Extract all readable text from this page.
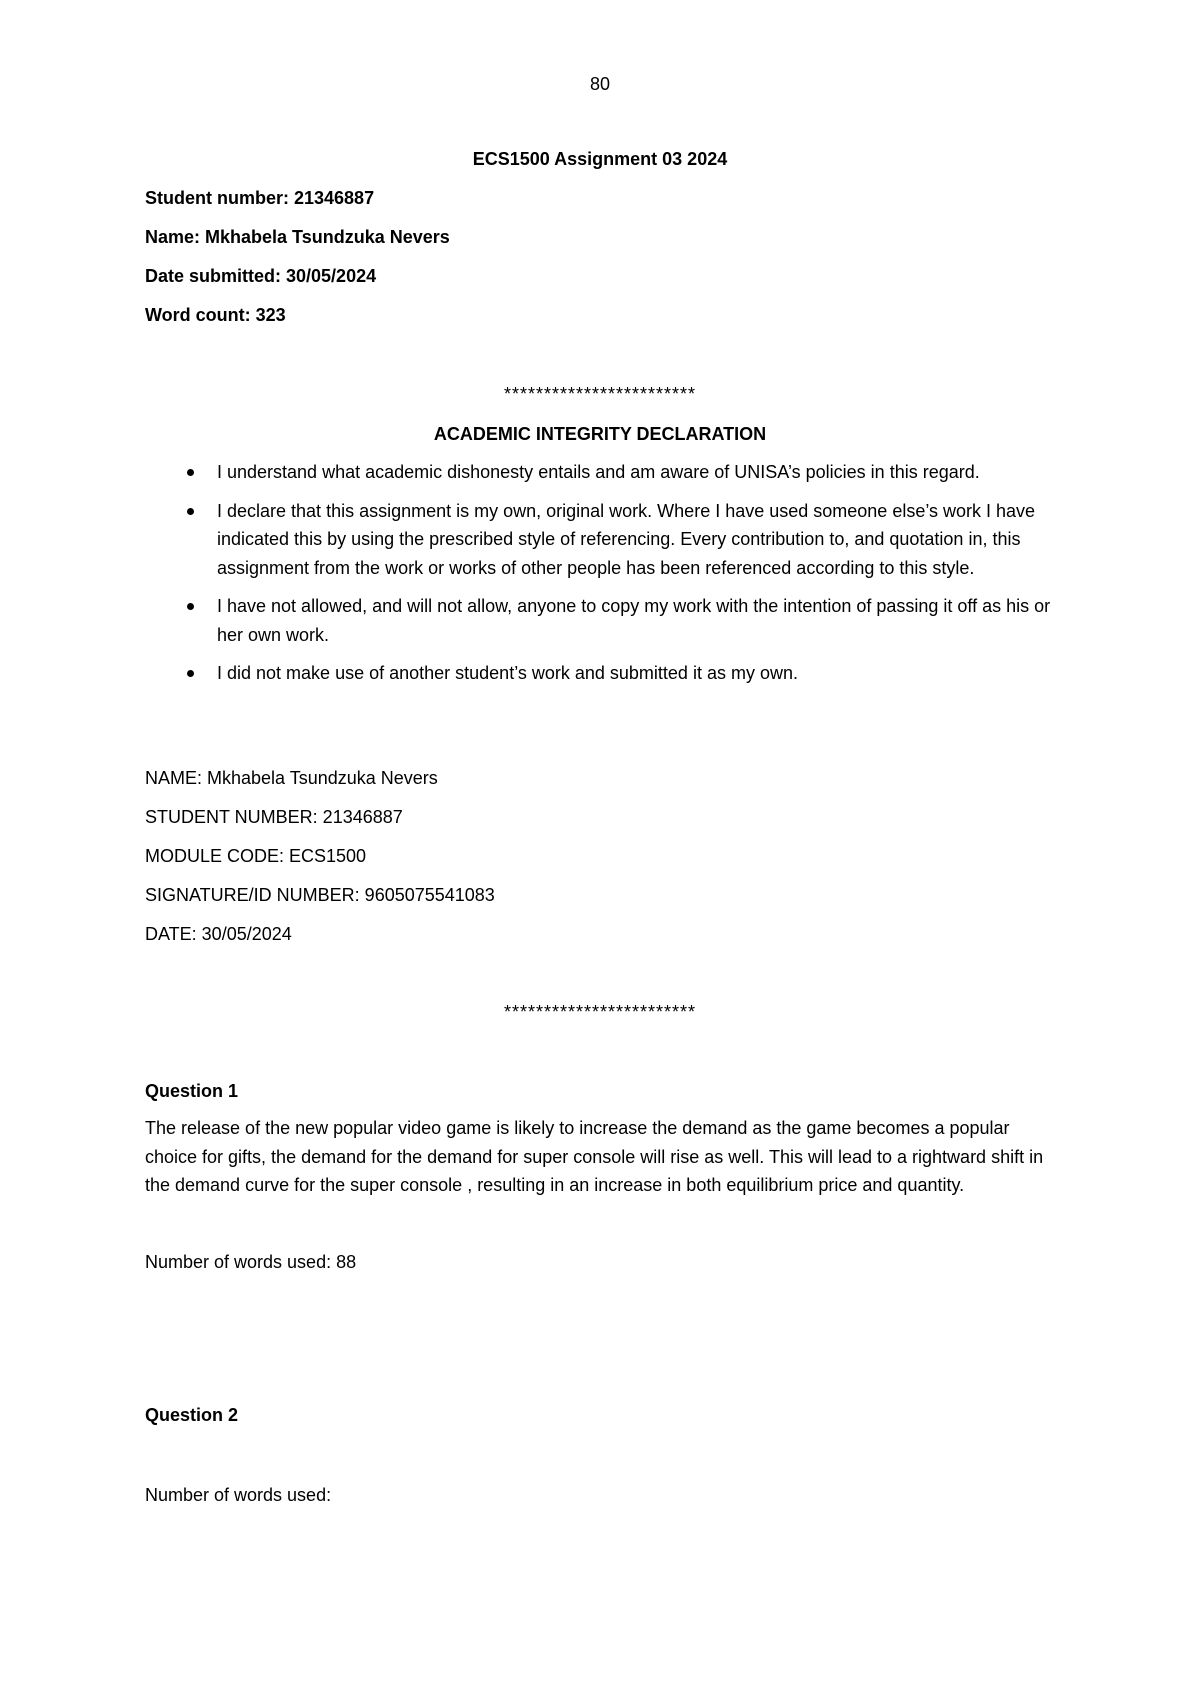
80
ECS1500 Assignment 03 2024
Student number: 21346887
Name: Mkhabela Tsundzuka Nevers
Date submitted: 30/05/2024
Word count: 323
************************
ACADEMIC INTEGRITY DECLARATION
I understand what academic dishonesty entails and am aware of UNISA’s policies in this regard.
I declare that this assignment is my own, original work. Where I have used someone else’s work I have indicated this by using the prescribed style of referencing. Every contribution to, and quotation in, this assignment from the work or works of other people has been referenced according to this style.
I have not allowed, and will not allow, anyone to copy my work with the intention of passing it off as his or her own work.
I did not make use of another student’s work and submitted it as my own.
NAME: Mkhabela Tsundzuka Nevers
STUDENT NUMBER: 21346887
MODULE CODE: ECS1500
SIGNATURE/ID NUMBER: 9605075541083
DATE: 30/05/2024
************************
Question 1
The release of the new popular video game is likely to increase the demand as the game becomes a popular choice for gifts, the demand for the demand for super console will rise as well. This will lead to a rightward shift in the demand curve for the super console , resulting in an increase in both equilibrium price and quantity.
Number of words used: 88
Question 2
Number of words used:
